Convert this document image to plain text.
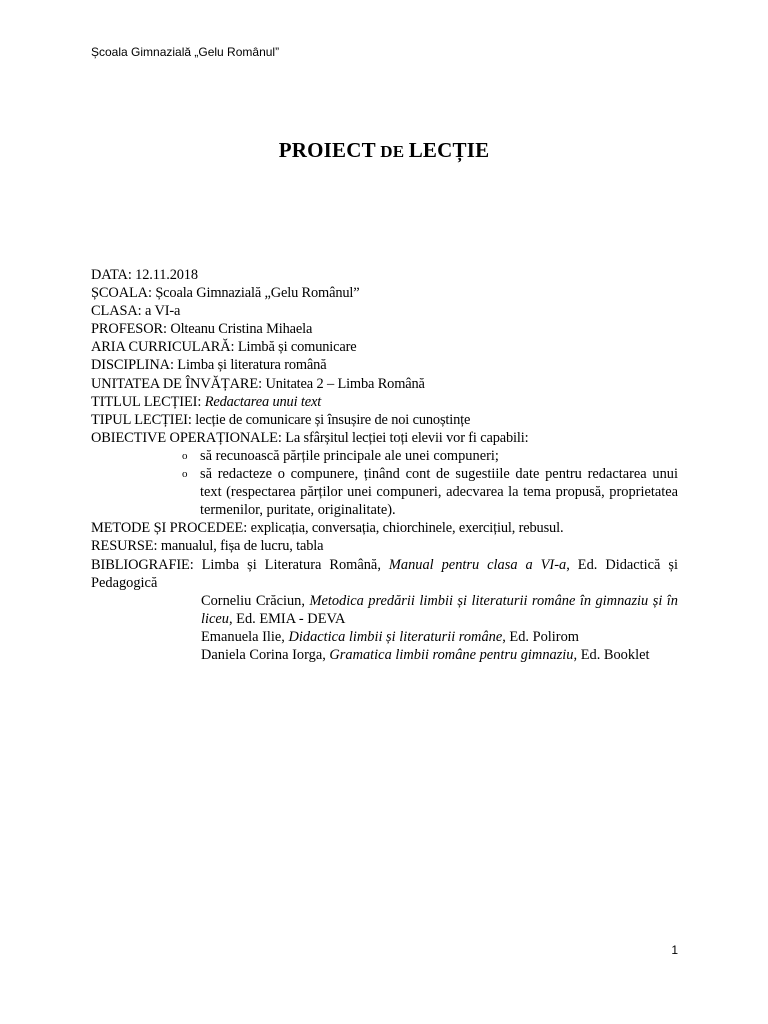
Școala Gimnazială „Gelu Românul”
PROIECT DE LECȚIE
DATA: 12.11.2018
ȘCOALA: Școala Gimnazială „Gelu Românul”
CLASA: a VI-a
PROFESOR: Olteanu Cristina Mihaela
ARIA CURRICULARĂ: Limbă și comunicare
DISCIPLINA: Limba și literatura română
UNITATEA DE ÎNVĂȚARE: Unitatea 2 – Limba Română
TITLUL LECȚIEI: Redactarea unui text
TIPUL LECȚIEI: lecție de comunicare și însușire de noi cunoștințe
OBIECTIVE OPERAȚIONALE: La sfârșitul lecției toți elevii vor fi capabili:
o să recunoască părțile principale ale unei compuneri;
o să redacteze o compunere, ținând cont de sugestiile date pentru redactarea unui text (respectarea părților unei compuneri, adecvarea la tema propusă, proprietatea termenilor, puritate, originalitate).
METODE ȘI PROCEDEE: explicația, conversația, chiorchinele, exercițiul, rebusul.
RESURSE: manualul, fișa de lucru, tabla
BIBLIOGRAFIE: Limba și Literatura Română, Manual pentru clasa a VI-a, Ed. Didactică și Pedagogică
Corneliu Crăciun, Metodica predării limbii și literaturii române în gimnaziu și în liceu, Ed. EMIA - DEVA
Emanuela Ilie, Didactica limbii și literaturii române, Ed. Polirom
Daniela Corina Iorga, Gramatica limbii române pentru gimnaziu, Ed. Booklet
1
